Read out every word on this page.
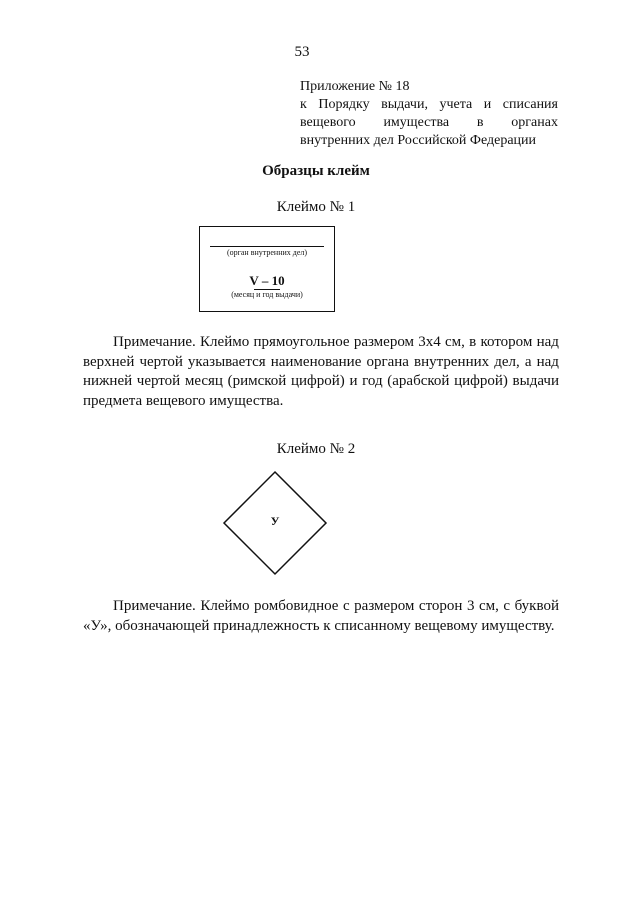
53
Приложение № 18
к Порядку выдачи, учета и списания
вещевого имущества в органах
внутренних дел Российской Федерации
Образцы клейм
Клеймо № 1
(орган внутренних дел)
V – 10
(месяц и год выдачи)
Примечание. Клеймо прямоугольное размером 3х4 см, в котором над
верхней чертой указывается наименование органа внутренних дел, а над
нижней чертой месяц (римской цифрой) и год (арабской цифрой) выдачи
предмета вещевого имущества.
Клеймо № 2
У
Примечание. Клеймо ромбовидное с размером сторон 3 см, с буквой
«У», обозначающей принадлежность к списанному вещевому имуществу.
